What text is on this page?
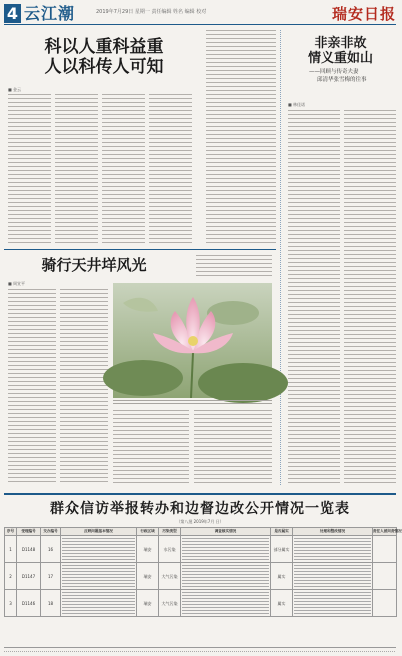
4 云江潮	2019年7月29日 星期一 责任编辑 姓名 编辑 校对	瑞安日报
科以人重科益重
人以科传人可知
■ 金云
非亲非故
情义重如山
——回顾与传奇夫妻
邱清华张雪梅的往事
■ 林佳诺
骑行天井垟风光
■ 周宣平
群众信访举报转办和边督边改公开情况一览表
（第八批 2019年7月 日）
序号	受理编号	交办编号	反映问题基本情况	行政区域	污染类型	调查核实情况	是否属实	处理和整改情况	责任人被问责情况
1	D1148	16		瑞安	水污染		部分属实	

2	D1147	17		瑞安	大气污染		属实	

3	D1146	18		瑞安	大气污染		属实	
